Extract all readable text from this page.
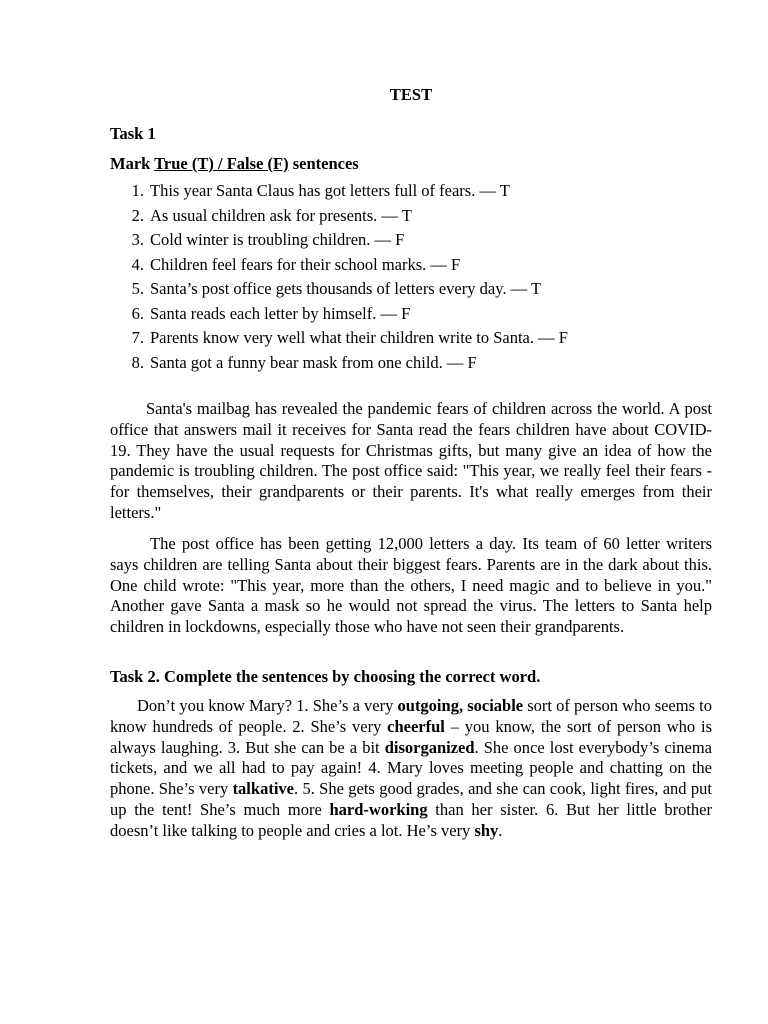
TEST
Task 1
Mark True (T) / False (F) sentences
1. This year Santa Claus has got letters full of fears. — T
2. As usual children ask for presents. — T
3. Cold winter is troubling children. — F
4. Children feel fears for their school marks. — F
5. Santa’s post office gets thousands of letters every day. — T
6. Santa reads each letter by himself. — F
7. Parents know very well what their children write to Santa. — F
8. Santa got a funny bear mask from one child. — F

Santa's mailbag has revealed the pandemic fears of children across the world. A post office that answers mail it receives for Santa read the fears children have about COVID-19. They have the usual requests for Christmas gifts, but many give an idea of how the pandemic is troubling children. The post office said: "This year, we really feel their fears - for themselves, their grandparents or their parents. It's what really emerges from their letters."

The post office has been getting 12,000 letters a day. Its team of 60 letter writers says children are telling Santa about their biggest fears. Parents are in the dark about this. One child wrote: "This year, more than the others, I need magic and to believe in you." Another gave Santa a mask so he would not spread the virus. The letters to Santa help children in lockdowns, especially those who have not seen their grandparents.

Task 2. Complete the sentences by choosing the correct word.

Don’t you know Mary? 1. She’s a very outgoing, sociable sort of person who seems to know hundreds of people. 2. She’s very cheerful – you know, the sort of person who is always laughing. 3. But she can be a bit disorganized. She once lost everybody’s cinema tickets, and we all had to pay again! 4. Mary loves meeting people and chatting on the phone. She’s very talkative. 5. She gets good grades, and she can cook, light fires, and put up the tent! She’s much more hard-working than her sister. 6. But her little brother doesn’t like talking to people and cries a lot. He’s very shy.
